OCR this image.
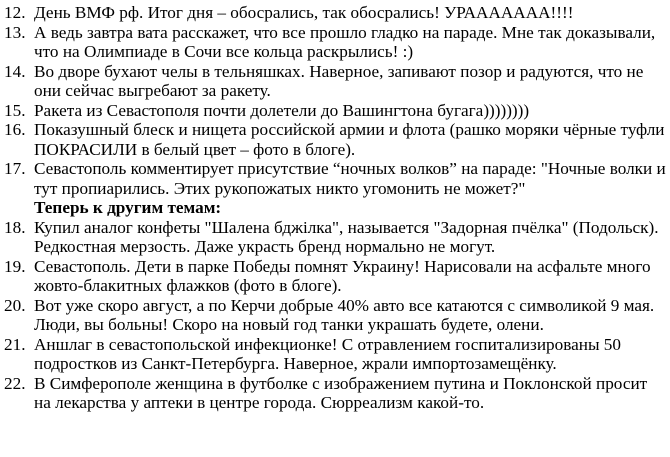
12. День ВМФ рф. Итог дня – обосрались, так обосрались! УРААААААА!!!!
13. А ведь завтра вата расскажет, что все прошло гладко на параде. Мне так доказывали, что на Олимпиаде в Сочи все кольца раскрылись! :)
14. Во дворе бухают челы в тельняшках. Наверное, запивают позор и радуются, что не они сейчас выгребают за ракету.
15. Ракета из Севастополя почти долетели до Вашингтона бугага))))))))
16. Показушный блеск и нищета российской армии и флота (рашко моряки чёрные туфли ПОКРАСИЛИ в белый цвет – фото в блоге).
17. Севастополь комментирует присутствие “ночных волков” на параде: "Ночные волки и тут пропиарились. Этих рукопожатых никто угомонить не может?"
Теперь к другим темам:
18. Купил аналог конфеты "Шалена бджілка", называется "Задорная пчёлка" (Подольск). Редкостная мерзость. Даже украсть бренд нормально не могут.
19. Севастополь. Дети в парке Победы помнят Украину! Нарисовали на асфальте много жовто-блакитных флажков (фото в блоге).
20. Вот уже скоро август, а по Керчи добрые 40% авто все катаются с символикой 9 мая. Люди, вы больны! Скоро на новый год танки украшать будете, олени.
21. Аншлаг в севастопольской инфекционке! С отравлением госпитализированы 50 подростков из Санкт-Петербурга. Наверное, жрали импортозамещёнку.
22. В Симферополе женщина в футболке с изображением путина и Поклонской просит на лекарства у аптеки в центре города. Сюрреализм какой-то.
